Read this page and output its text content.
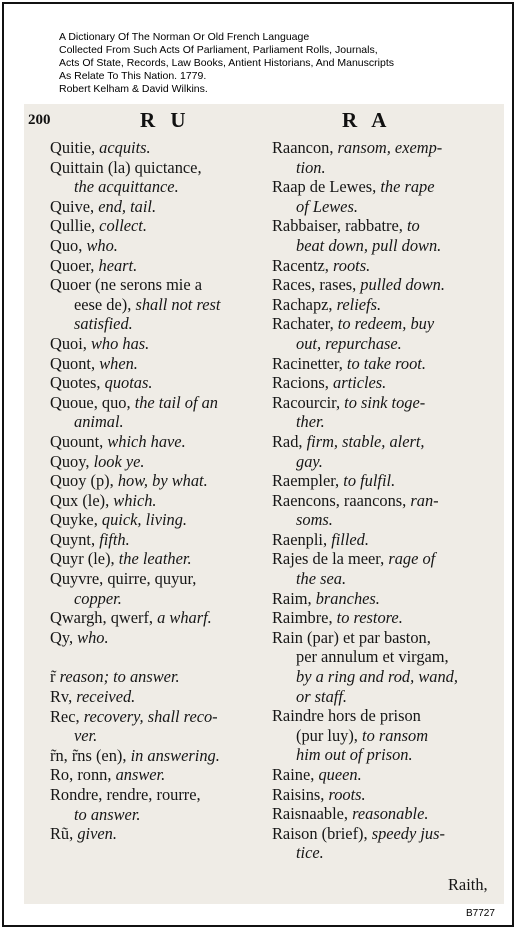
A Dictionary Of The Norman Or Old French Language
Collected From Such Acts Of Parliament, Parliament Rolls, Journals,
Acts Of State, Records, Law Books, Antient Historians, And Manuscripts
As Relate To This Nation. 1779.
Robert Kelham & David Wilkins.
200	R U	R A
Quitie, acquits.
Quittain (la) quictance,
the acquittance.
Quive, end, tail.
Qullie, collect.
Quo, who.
Quoer, heart.
Quoer (ne serons mie a
eese de), shall not rest
satisfied.
Quoi, who has.
Quont, when.
Quotes, quotas.
Quoue, quo, the tail of an
animal.
Quount, which have.
Quoy, look ye.
Quoy (p), how, by what.
Qux (le), which.
Quyke, quick, living.
Quynt, fifth.
Quyr (le), the leather.
Quyvre, quirre, quyur,
copper.
Qwargh, qwerf, a wharf.
Qy, who.
r̃ reason; to answer.
Rv, received.
Rec, recovery, shall reco-
ver.
r̃n, r̃ns (en), in answering.
Ro, ronn, answer.
Rondre, rendre, rourre,
to answer.
Rũ, given.
Raancon, ransom, exemp-
tion.
Raap de Lewes, the rape
of Lewes.
Rabbaiser, rabbatre, to
beat down, pull down.
Racentz, roots.
Races, rases, pulled down.
Rachapz, reliefs.
Rachater, to redeem, buy
out, repurchase.
Racinetter, to take root.
Racions, articles.
Racourcir, to sink toge-
ther.
Rad, firm, stable, alert,
gay.
Raempler, to fulfil.
Raencons, raancons, ran-
soms.
Raenpli, filled.
Rajes de la meer, rage of
the sea.
Raim, branches.
Raimbre, to restore.
Rain (par) et par baston,
per annulum et virgam,
by a ring and rod, wand,
or staff.
Raindre hors de prison
(pur luy), to ransom
him out of prison.
Raine, queen.
Raisins, roots.
Raisnaable, reasonable.
Raison (brief), speedy jus-
tice.
Raith,
B7727
